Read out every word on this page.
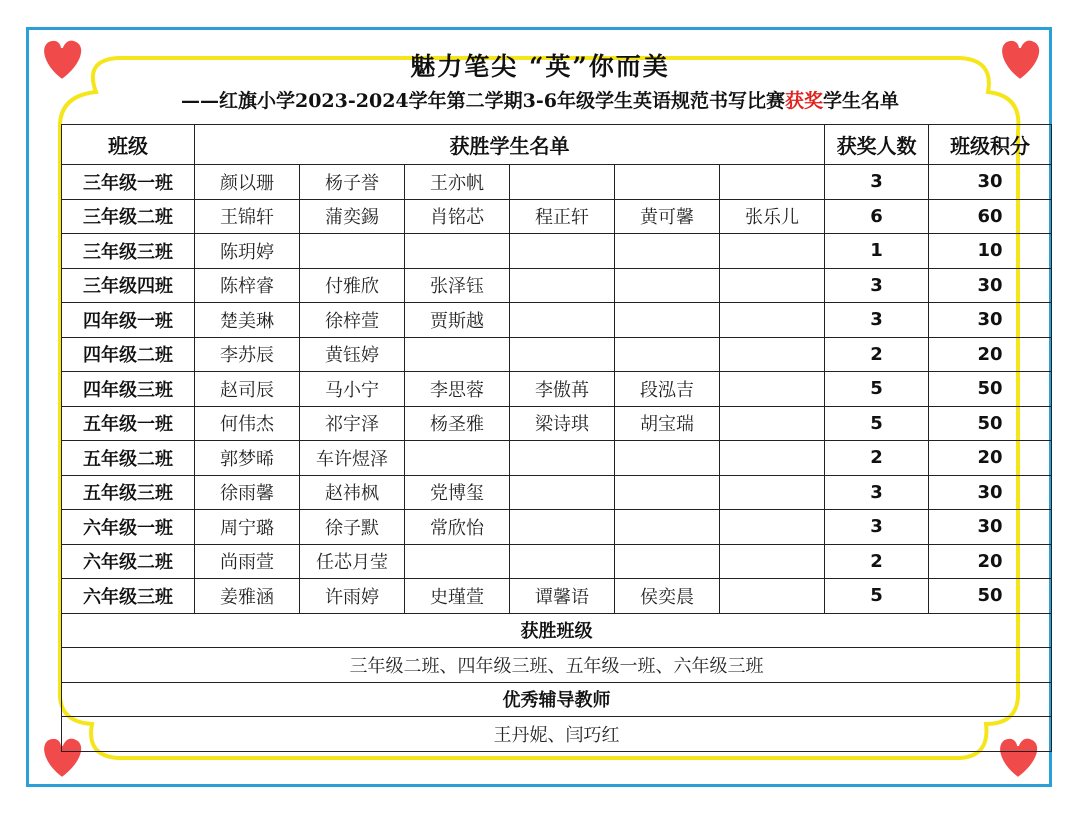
魅力笔尖 “英”你而美
——红旗小学2023-2024学年第二学期3-6年级学生英语规范书写比赛获奖学生名单
班级	获胜学生名单						获奖人数	班级积分
三年级一班	颜以珊	杨子誉	王亦帆				3	30
三年级二班	王锦轩	蒲奕錫	肖铭芯	程正轩	黄可馨	张乐儿	6	60
三年级三班	陈玥婷						1	10
三年级四班	陈梓睿	付雅欣	张泽钰				3	30
四年级一班	楚美琳	徐梓萱	贾斯越				3	30
四年级二班	李苏辰	黄钰婷					2	20
四年级三班	赵司辰	马小宁	李思蓉	李傲苒	段泓吉		5	50
五年级一班	何伟杰	祁宇泽	杨圣雅	梁诗琪	胡宝瑞		5	50
五年级二班	郭梦晞	车许煜泽					2	20
五年级三班	徐雨馨	赵祎枫	党博玺				3	30
六年级一班	周宁璐	徐子默	常欣怡				3	30
六年级二班	尚雨萱	任芯月莹					2	20
六年级三班	姜雅涵	许雨婷	史瑾萱	谭馨语	侯奕晨		5	50
获胜班级								
三年级二班、四年级三班、五年级一班、六年级三班								
优秀辅导教师								
王丹妮、闫巧红								
